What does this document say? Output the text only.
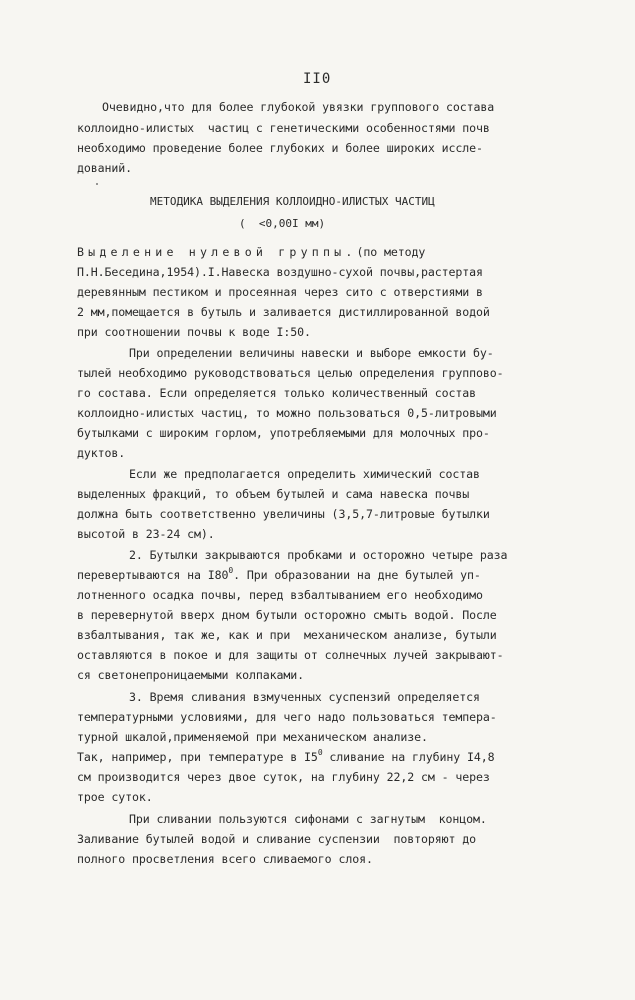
II0
Очевидно,что для более глубокой увязки группового состава
коллоидно-илистых  частиц с генетическими особенностями почв
необходимо проведение более глубоких и более широких иссле-
дований.
МЕТОДИКА ВЫДЕЛЕНИЯ КОЛЛОИДНО-ИЛИСТЫХ ЧАСТИЦ
(  <0,00I мм)
Выделение нулевой группы.(по методу
П.Н.Беседина,1954).I.Навеска воздушно-сухой почвы,растертая
деревянным пестиком и просеянная через сито с отверстиями в
2 мм,помещается в бутыль и заливается дистиллированной водой
при соотношении почвы к воде I:50.
При определении величины навески и выборе емкости бу-
тылей необходимо руководствоваться целью определения группово-
го состава. Если определяется только количественный состав
коллоидно-илистых частиц, то можно пользоваться 0,5-литровыми
бутылками с широким горлом, употребляемыми для молочных про-
дуктов.
Если же предполагается определить химический состав
выделенных фракций, то объем бутылей и сама навеска почвы
должна быть соответственно увеличины (3,5,7-литровые бутылки
высотой в 23-24 см).
2. Бутылки закрываются пробками и осторожно четыре раза
перевертываются на $I80^0$. При образовании на дне бутылей уп-
лотненного осадка почвы, перед взбалтыванием его необходимо
в перевернутой вверх дном бутыли осторожно смыть водой. После
взбалтывания, так же, как и при  механическом анализе, бутыли
оставляются в покое и для защиты от солнечных лучей закрывают-
ся светонепроницаемыми колпаками.
3. Время сливания взмученных суспензий определяется
температурными условиями, для чего надо пользоваться темпера-
турной шкалой,применяемой при механическом анализе.
Так, например, при температуре в $I5^0$ сливание на глубину I4,8
см производится через двое суток, на глубину 22,2 см - через
трое суток.
При сливании пользуются сифонами с загнутым  концом.
Заливание бутылей водой и сливание суспензии  повторяют до
полного просветления всего сливаемого слоя.
